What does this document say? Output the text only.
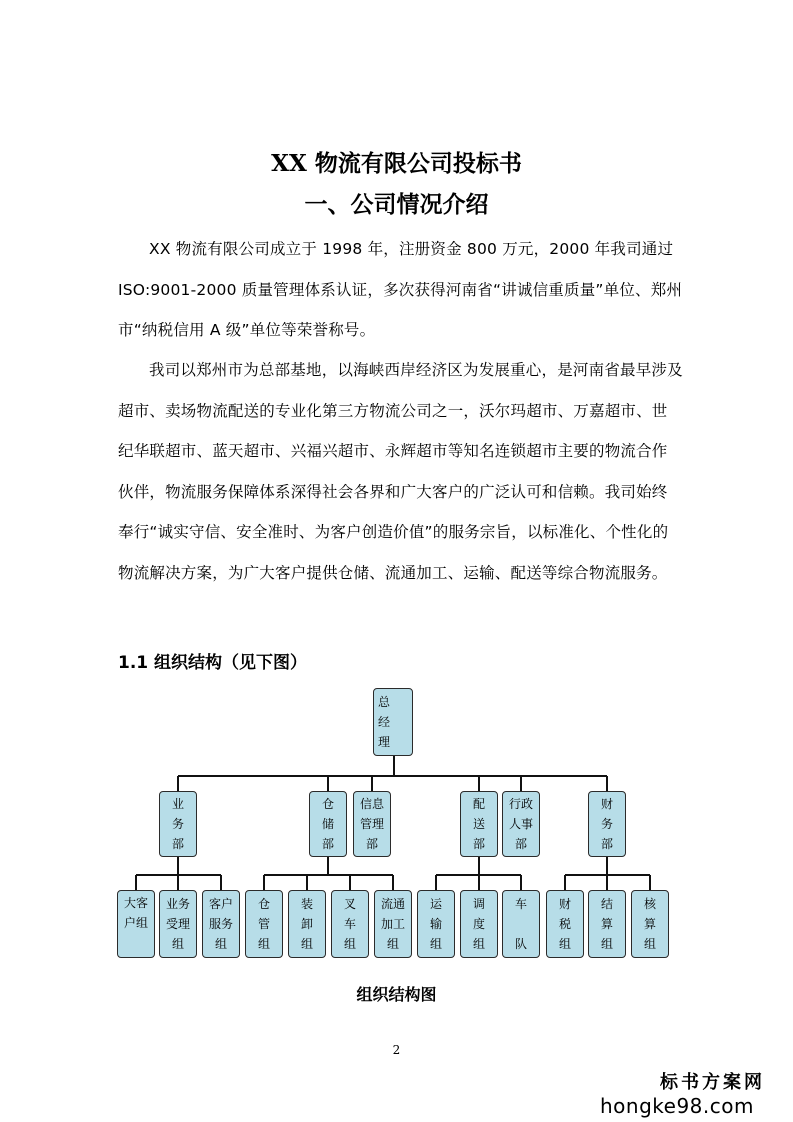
XX 物流有限公司投标书
一、公司情况介绍

XX 物流有限公司成立于 1998 年，注册资金 800 万元，2000 年我司通过 ISO:9001-2000 质量管理体系认证，多次获得河南省“讲诚信重质量”单位、郑州市“纳税信用 A 级”单位等荣誉称号。

我司以郑州市为总部基地，以海峡西岸经济区为发展重心，是河南省最早涉及超市、卖场物流配送的专业化第三方物流公司之一，沃尔玛超市、万嘉超市、世纪华联超市、蓝天超市、兴福兴超市、永辉超市等知名连锁超市主要的物流合作伙伴，物流服务保障体系深得社会各界和广大客户的广泛认可和信赖。我司始终奉行“诚实守信、安全准时、为客户创造价值”的服务宗旨，以标准化、个性化的物流解决方案，为广大客户提供仓储、流通加工、运输、配送等综合物流服务。

1.1 组织结构（见下图）
总
经
理
业
务
部
仓
储
部
信息
管理
部
配
送
部
行政
人事
部
财
务
部
大客
户组
业务
受理
组
客户
服务
组
仓
管
组
装
卸
组
叉
车
组
流通
加工
组
运
输
组
调
度
组
车
队
财
税
组
结
算
组
核
算
组
组织结构图
2
标书方案网
hongke98.com
